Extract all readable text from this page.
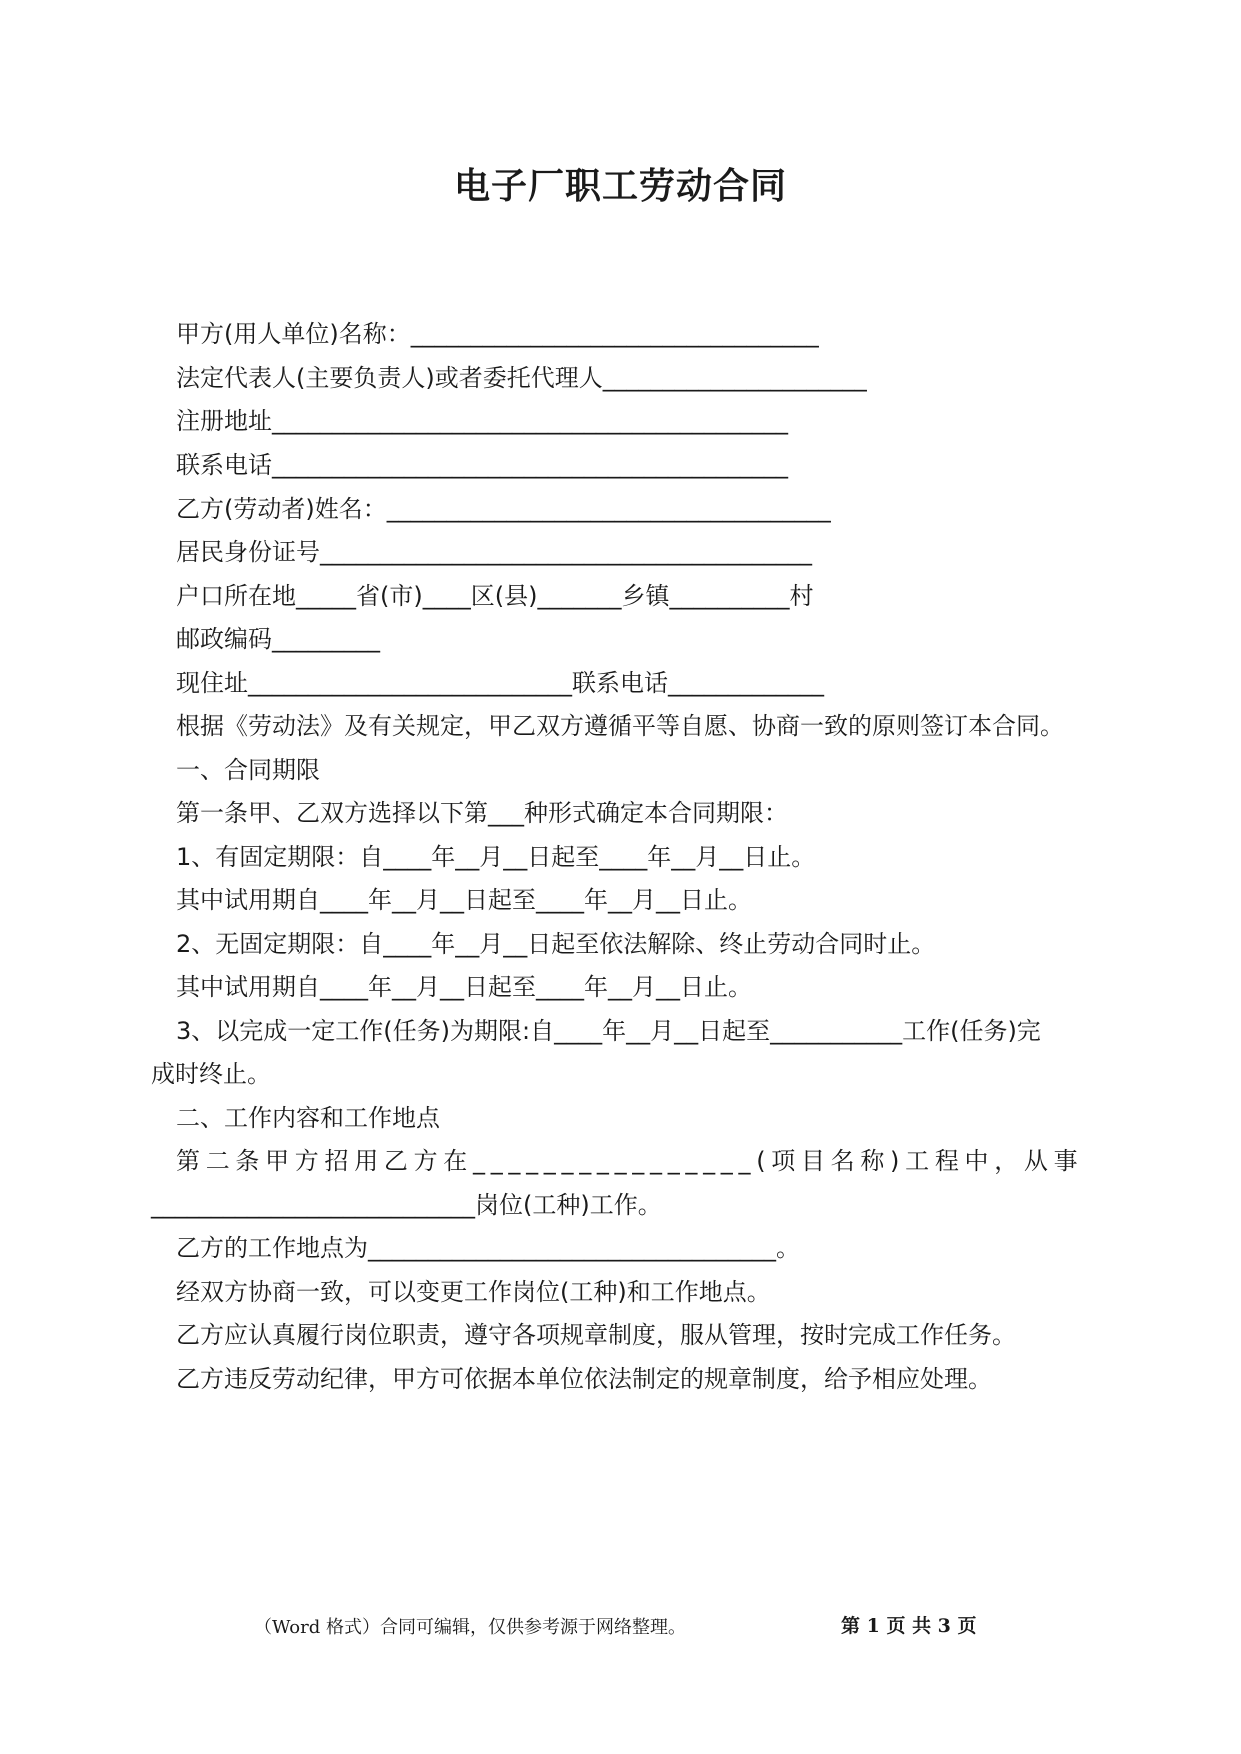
电子厂职工劳动合同

甲方(用人单位)名称：__________________________________

法定代表人(主要负责人)或者委托代理人______________________

注册地址___________________________________________

联系电话___________________________________________

乙方(劳动者)姓名：_____________________________________

居民身份证号_________________________________________

户口所在地_____省(市)____区(县)_______乡镇__________村

邮政编码_________

现住址___________________________联系电话_____________

根据《劳动法》及有关规定，甲乙双方遵循平等自愿、协商一致的原则签订本合同。

一、合同期限

第一条甲、乙双方选择以下第___种形式确定本合同期限：

1、有固定期限：自____年__月__日起至____年__月__日止。

其中试用期自____年__月__日起至____年__月__日止。

2、无固定期限：自____年__月__日起至依法解除、终止劳动合同时止。

其中试用期自____年__月__日起至____年__月__日止。

3、以完成一定工作(任务)为期限:自____年__月__日起至___________工作(任务)完

成时终止。

二、工作内容和工作地点

第二条甲方招用乙方在________________(项目名称)工程中，从事

___________________________岗位(工种)工作。

乙方的工作地点为__________________________________。

经双方协商一致，可以变更工作岗位(工种)和工作地点。

乙方应认真履行岗位职责，遵守各项规章制度，服从管理，按时完成工作任务。

乙方违反劳动纪律，甲方可依据本单位依法制定的规章制度，给予相应处理。

（Word 格式）合同可编辑，仅供参考源于网络整理。	第 1 页 共 3 页
